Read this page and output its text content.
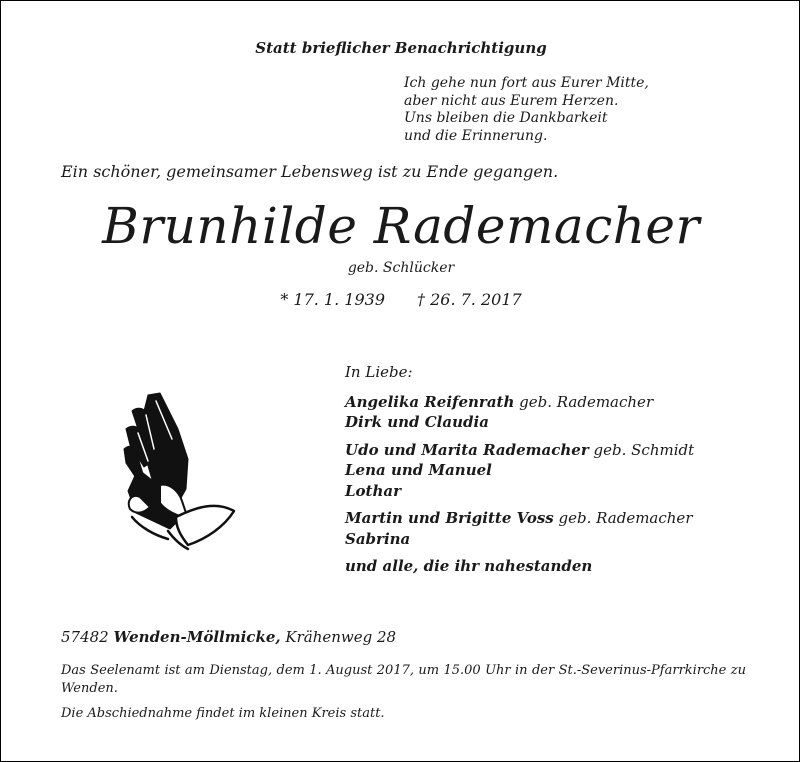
Statt brieflicher Benachrichtigung
Ich gehe nun fort aus Eurer Mitte,
aber nicht aus Eurem Herzen.
Uns bleiben die Dankbarkeit
und die Erinnerung.
Ein schöner, gemeinsamer Lebensweg ist zu Ende gegangen.
Brunhilde Rademacher
geb. Schlücker
* 17. 1. 1939 † 26. 7. 2017
In Liebe:
Angelika Reifenrath geb. Rademacher
Dirk und Claudia
Udo und Marita Rademacher geb. Schmidt
Lena und Manuel
Lothar
Martin und Brigitte Voss geb. Rademacher
Sabrina
und alle, die ihr nahestanden
57482 Wenden-Möllmicke, Krähenweg 28
Das Seelenamt ist am Dienstag, dem 1. August 2017, um 15.00 Uhr in der St.-Severinus-Pfarrkirche zu Wenden.
Die Abschiednahme findet im kleinen Kreis statt.
